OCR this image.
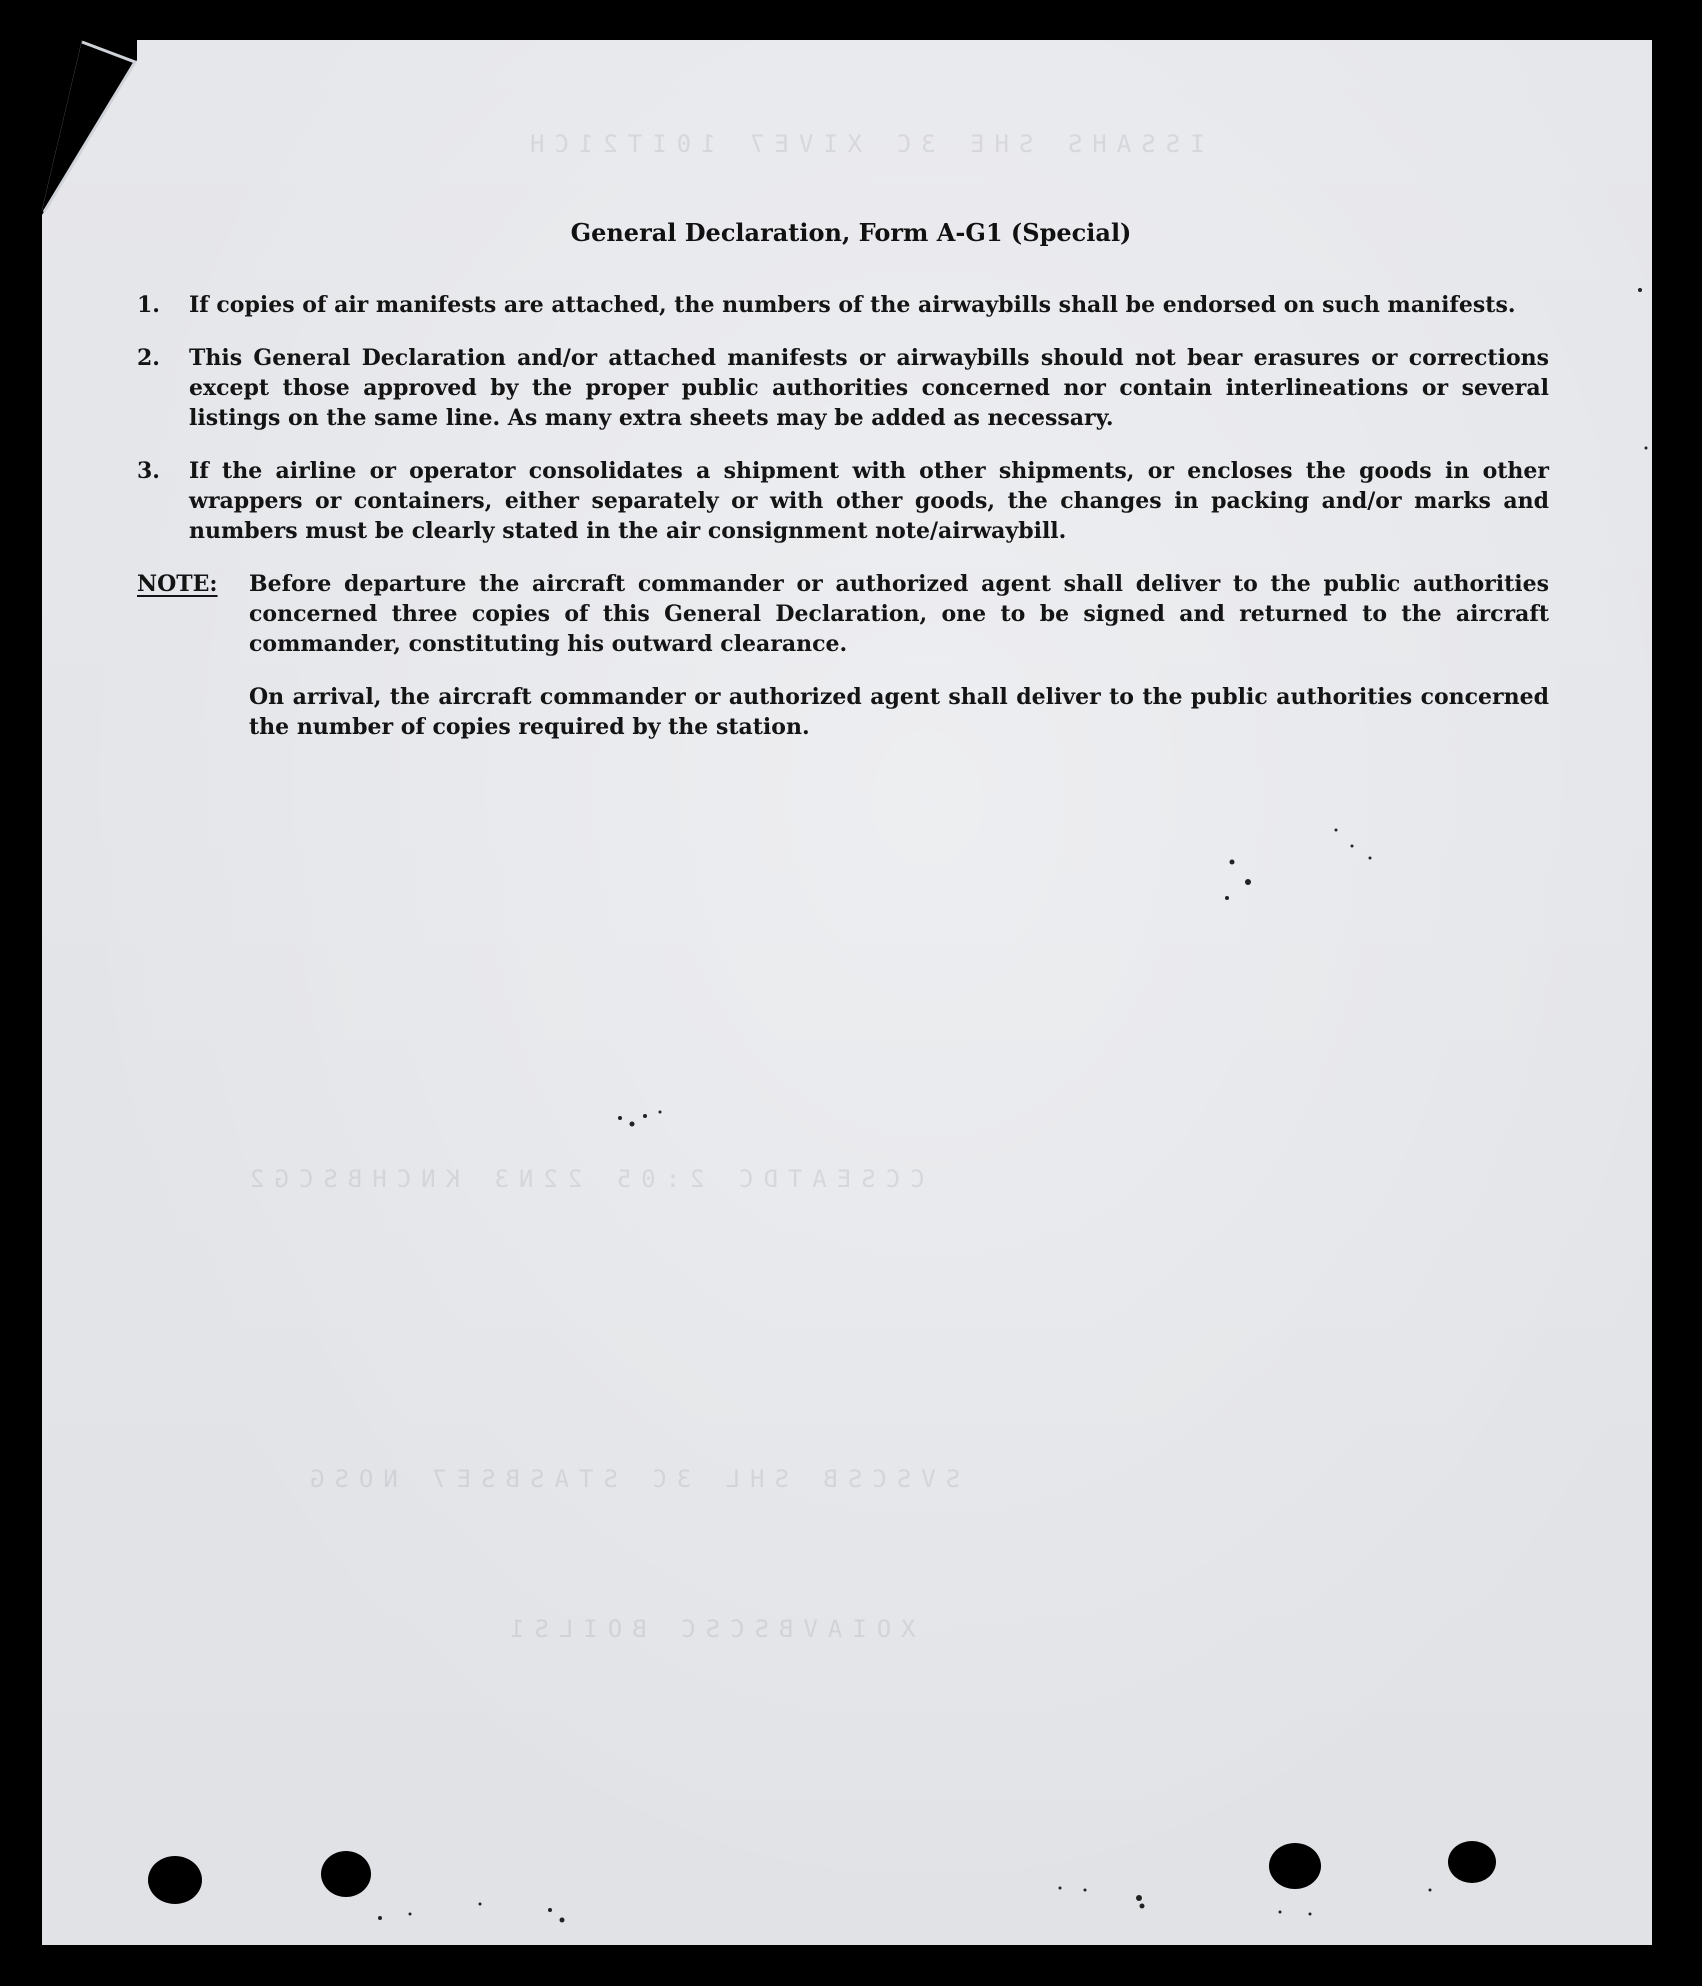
ISSAHS SHE 3C XIVE7 10IT21CH
CCSEATDC 2:05 22N3 KNCHBSCG2
SVSCSB SHL 3C STASBSE7 NOSG
XOIAVBSCSC BOILS1
General Declaration, Form A-G1 (Special)
1.	If copies of air manifests are attached, the numbers of the airwaybills shall be endorsed on such manifests.
2.	This General Declaration and/or attached manifests or airwaybills should not bear erasures or corrections except those approved by the proper public authorities concerned nor contain interlineations or several listings on the same line. As many extra sheets may be added as necessary.
3.	If the airline or operator consolidates a shipment with other shipments, or encloses the goods in other wrappers or containers, either separately or with other goods, the changes in packing and/or marks and numbers must be clearly stated in the air consignment note/airwaybill.
NOTE: Before departure the aircraft commander or authorized agent shall deliver to the public authorities concerned three copies of this General Declaration, one to be signed and returned to the aircraft commander, constituting his outward clearance.
On arrival, the aircraft commander or authorized agent shall deliver to the public authorities concerned the number of copies required by the station.
